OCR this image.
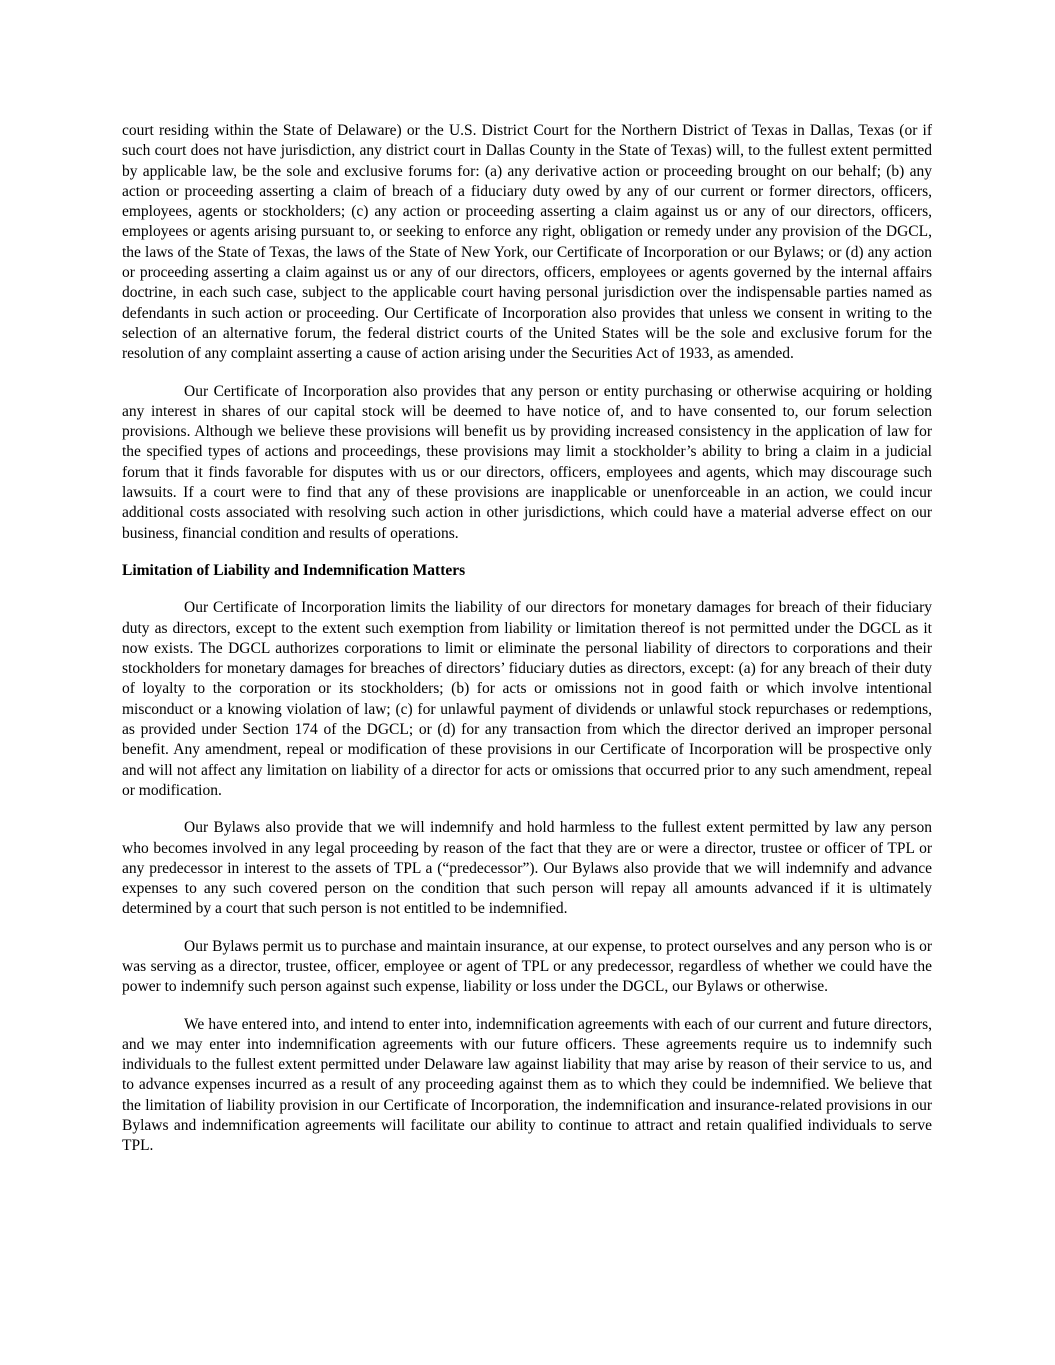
court residing within the State of Delaware) or the U.S. District Court for the Northern District of Texas in Dallas, Texas (or if such court does not have jurisdiction, any district court in Dallas County in the State of Texas) will, to the fullest extent permitted by applicable law, be the sole and exclusive forums for: (a) any derivative action or proceeding brought on our behalf; (b) any action or proceeding asserting a claim of breach of a fiduciary duty owed by any of our current or former directors, officers, employees, agents or stockholders; (c) any action or proceeding asserting a claim against us or any of our directors, officers, employees or agents arising pursuant to, or seeking to enforce any right, obligation or remedy under any provision of the DGCL, the laws of the State of Texas, the laws of the State of New York, our Certificate of Incorporation or our Bylaws; or (d) any action or proceeding asserting a claim against us or any of our directors, officers, employees or agents governed by the internal affairs doctrine, in each such case, subject to the applicable court having personal jurisdiction over the indispensable parties named as defendants in such action or proceeding. Our Certificate of Incorporation also provides that unless we consent in writing to the selection of an alternative forum, the federal district courts of the United States will be the sole and exclusive forum for the resolution of any complaint asserting a cause of action arising under the Securities Act of 1933, as amended.

Our Certificate of Incorporation also provides that any person or entity purchasing or otherwise acquiring or holding any interest in shares of our capital stock will be deemed to have notice of, and to have consented to, our forum selection provisions. Although we believe these provisions will benefit us by providing increased consistency in the application of law for the specified types of actions and proceedings, these provisions may limit a stockholder’s ability to bring a claim in a judicial forum that it finds favorable for disputes with us or our directors, officers, employees and agents, which may discourage such lawsuits. If a court were to find that any of these provisions are inapplicable or unenforceable in an action, we could incur additional costs associated with resolving such action in other jurisdictions, which could have a material adverse effect on our business, financial condition and results of operations.

Limitation of Liability and Indemnification Matters

Our Certificate of Incorporation limits the liability of our directors for monetary damages for breach of their fiduciary duty as directors, except to the extent such exemption from liability or limitation thereof is not permitted under the DGCL as it now exists. The DGCL authorizes corporations to limit or eliminate the personal liability of directors to corporations and their stockholders for monetary damages for breaches of directors’ fiduciary duties as directors, except: (a) for any breach of their duty of loyalty to the corporation or its stockholders; (b) for acts or omissions not in good faith or which involve intentional misconduct or a knowing violation of law; (c) for unlawful payment of dividends or unlawful stock repurchases or redemptions, as provided under Section 174 of the DGCL; or (d) for any transaction from which the director derived an improper personal benefit. Any amendment, repeal or modification of these provisions in our Certificate of Incorporation will be prospective only and will not affect any limitation on liability of a director for acts or omissions that occurred prior to any such amendment, repeal or modification.

Our Bylaws also provide that we will indemnify and hold harmless to the fullest extent permitted by law any person who becomes involved in any legal proceeding by reason of the fact that they are or were a director, trustee or officer of TPL or any predecessor in interest to the assets of TPL a (“predecessor”). Our Bylaws also provide that we will indemnify and advance expenses to any such covered person on the condition that such person will repay all amounts advanced if it is ultimately determined by a court that such person is not entitled to be indemnified.

Our Bylaws permit us to purchase and maintain insurance, at our expense, to protect ourselves and any person who is or was serving as a director, trustee, officer, employee or agent of TPL or any predecessor, regardless of whether we could have the power to indemnify such person against such expense, liability or loss under the DGCL, our Bylaws or otherwise.

We have entered into, and intend to enter into, indemnification agreements with each of our current and future directors, and we may enter into indemnification agreements with our future officers. These agreements require us to indemnify such individuals to the fullest extent permitted under Delaware law against liability that may arise by reason of their service to us, and to advance expenses incurred as a result of any proceeding against them as to which they could be indemnified. We believe that the limitation of liability provision in our Certificate of Incorporation, the indemnification and insurance-related provisions in our Bylaws and indemnification agreements will facilitate our ability to continue to attract and retain qualified individuals to serve TPL.
